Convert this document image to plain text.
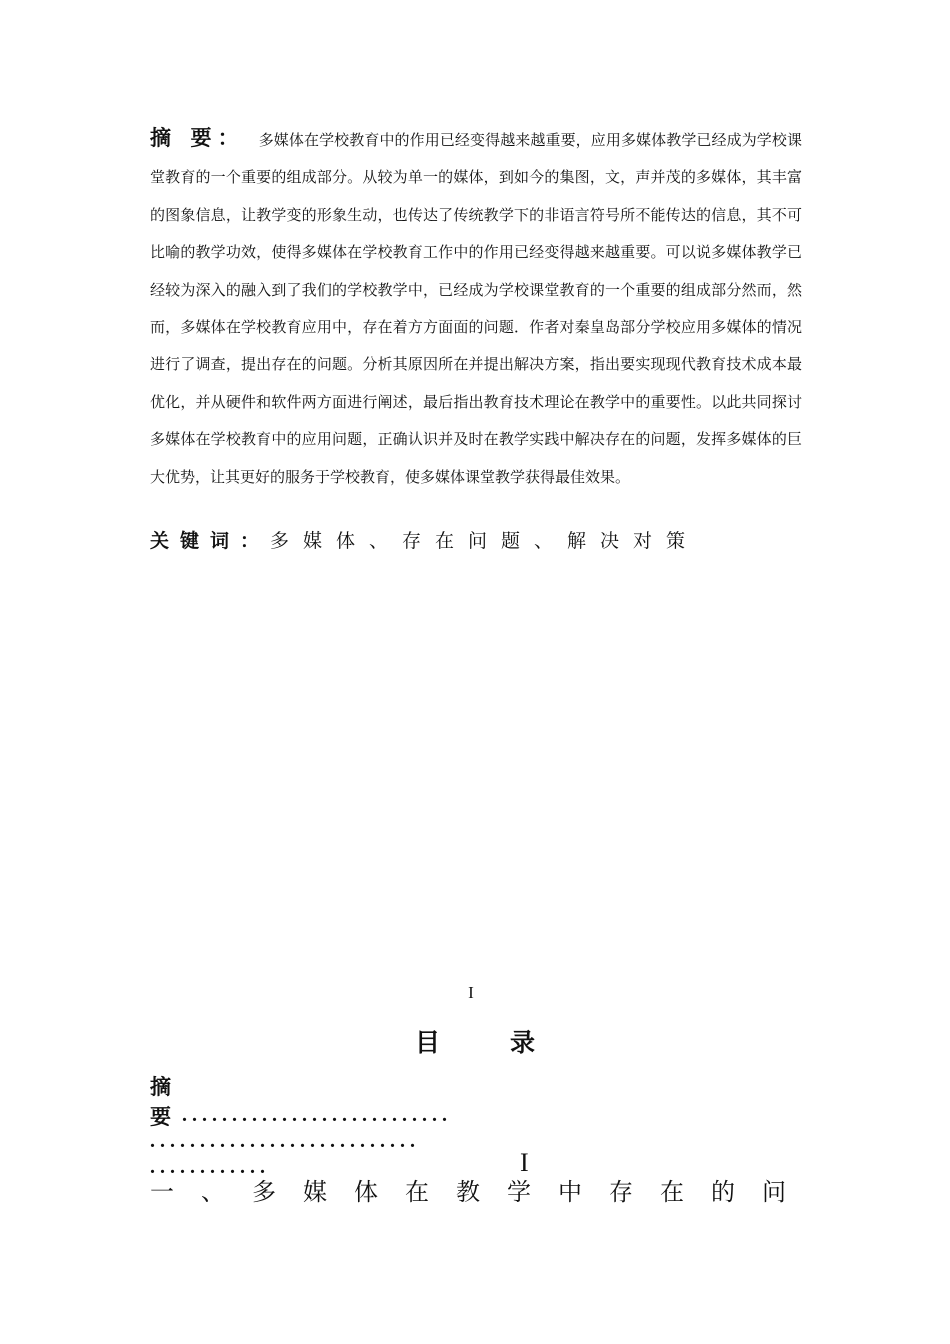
摘 要： 多媒体在学校教育中的作用已经变得越来越重要，应用多媒体教学已经成为学校课堂教育的一个重要的组成部分。从较为单一的媒体，到如今的集图，文，声并茂的多媒体，其丰富的图象信息，让教学变的形象生动，也传达了传统教学下的非语言符号所不能传达的信息，其不可比喻的教学功效，使得多媒体在学校教育工作中的作用已经变得越来越重要。可以说多媒体教学已经较为深入的融入到了我们的学校教学中，已经成为学校课堂教育的一个重要的组成部分然而，然而，多媒体在学校教育应用中，存在着方方面面的问题．作者对秦皇岛部分学校应用多媒体的情况进行了调查，提出存在的问题。分析其原因所在并提出解决方案，指出要实现现代教育技术成本最优化，并从硬件和软件两方面进行阐述，最后指出教育技术理论在教学中的重要性。以此共同探讨多媒体在学校教育中的应用问题，正确认识并及时在教学实践中解决存在的问题，发挥多媒体的巨大优势，让其更好的服务于学校教育，使多媒体课堂教学获得最佳效果。

关键词：多媒体、存在问题、解决对策

I
目录
摘要 . . . . . . . . . . . . . . . . . . . . . . . . . . .
. . . . . . . . . . . . . . . . . . . . . . . . . . .
. . . . . . . . . . . .	I

一、多媒体在教学中存在的问
